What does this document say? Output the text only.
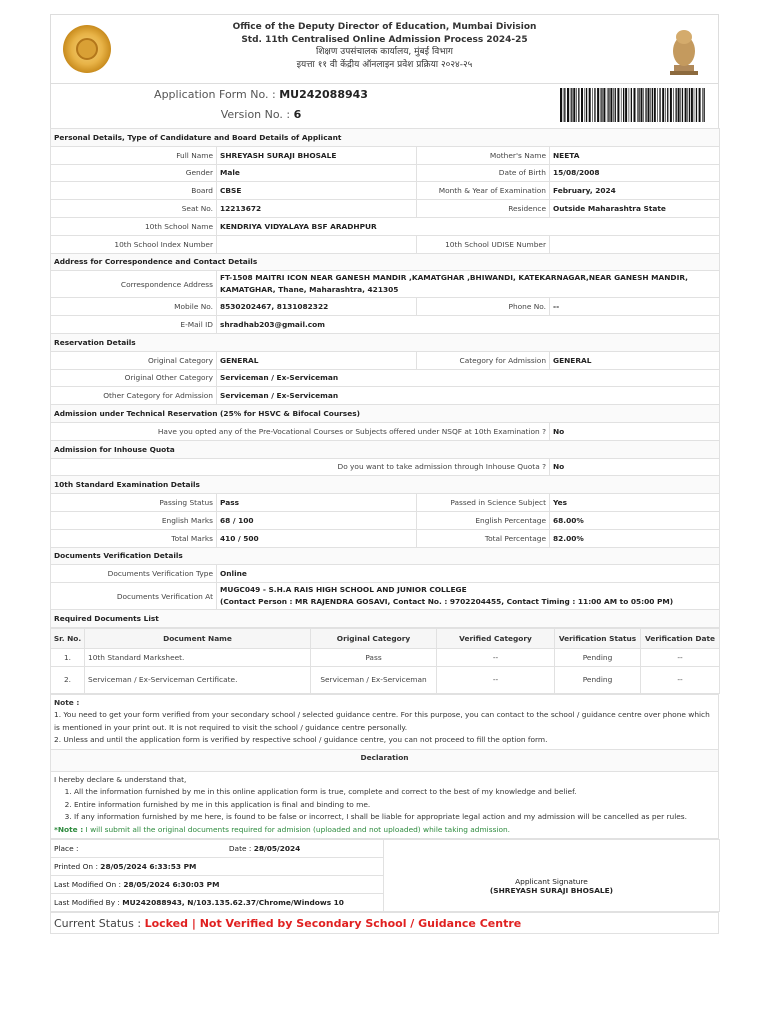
Office of the Deputy Director of Education, Mumbai Division
Std. 11th Centralised Online Admission Process 2024-25
शिक्षण उपसंचालक कार्यालय, मुंबई विभाग
इयत्ता ११ वी केंद्रीय ऑनलाइन प्रवेश प्रक्रिया २०२४-२५
Application Form No. : MU242088943
Version No. : 6
Personal Details, Type of Candidature and Board Details of Applicant			
Full Name	SHREYASH SURAJI BHOSALE	Mother's Name	NEETA
Gender	Male	Date of Birth	15/08/2008
Board	CBSE	Month & Year of Examination	February, 2024
Seat No.	12213672	Residence	Outside Maharashtra State
10th School Name	KENDRIYA VIDYALAYA BSF ARADHPUR		
10th School Index Number		10th School UDISE Number	
Address for Correspondence and Contact Details			
Correspondence Address	FT-1508 MAITRI ICON NEAR GANESH MANDIR ,KAMATGHAR ,BHIWANDI, KATEKARNAGAR,NEAR GANESH MANDIR, KAMATGHAR, Thane, Maharashtra, 421305		
Mobile No.	8530202467, 8131082322	Phone No.	--
E-Mail ID	shradhab203@gmail.com		
Reservation Details			
Original Category	GENERAL	Category for Admission	GENERAL
Original Other Category	Serviceman / Ex-Serviceman		
Other Category for Admission	Serviceman / Ex-Serviceman		
Admission under Technical Reservation (25% for HSVC & Bifocal Courses)			
Have you opted any of the Pre-Vocational Courses or Subjects offered under NSQF at 10th Examination ?			No
Admission for Inhouse Quota			
Do you want to take admission through Inhouse Quota ?			No
10th Standard Examination Details			
Passing Status	Pass	Passed in Science Subject	Yes
English Marks	68 / 100	English Percentage	68.00%
Total Marks	410 / 500	Total Percentage	82.00%
Documents Verification Details			
Documents Verification Type	Online		
Documents Verification At	MUGC049 - S.H.A RAIS HIGH SCHOOL AND JUNIOR COLLEGE
(Contact Person : MR RAJENDRA GOSAVI, Contact No. : 9702204455, Contact Timing : 11:00 AM to 05:00 PM)		

Required Documents List			
Sr. No.	Document Name	Original Category	Verified Category	Verification Status	Verification Date
1.	10th Standard Marksheet.	Pass	--	Pending	--
2.	Serviceman / Ex-Serviceman Certificate.	Serviceman / Ex-Serviceman	--	Pending	--
Note :
1. You need to get your form verified from your secondary school / selected guidance centre. For this purpose, you can contact to the school / guidance centre over phone which is mentioned in your print out. It is not required to visit the school / guidance centre personally.
2. Unless and until the application form is verified by respective school / guidance centre, you can not proceed to fill the option form.

Declaration

I hereby declare & understand that,
1. All the information furnished by me in this online application form is true, complete and correct to the best of my knowledge and belief.
2. Entire information furnished by me in this application is final and binding to me.
3. If any information furnished by me here, is found to be false or incorrect, I shall be liable for appropriate legal action and my admission will be cancelled as per rules.
*Note : I will submit all the original documents required for admision (uploaded and not uploaded) while taking admission.
Place :	Date : 28/05/2024	
Applicant Signature
(SHREYASH SURAJI BHOSALE)

Printed On : 28/05/2024 6:33:53 PM
Last Modified On : 28/05/2024 6:30:03 PM
Last Modified By : MU242088943, N/103.135.62.37/Chrome/Windows 10
Current Status : Locked | Not Verified by Secondary School / Guidance Centre
